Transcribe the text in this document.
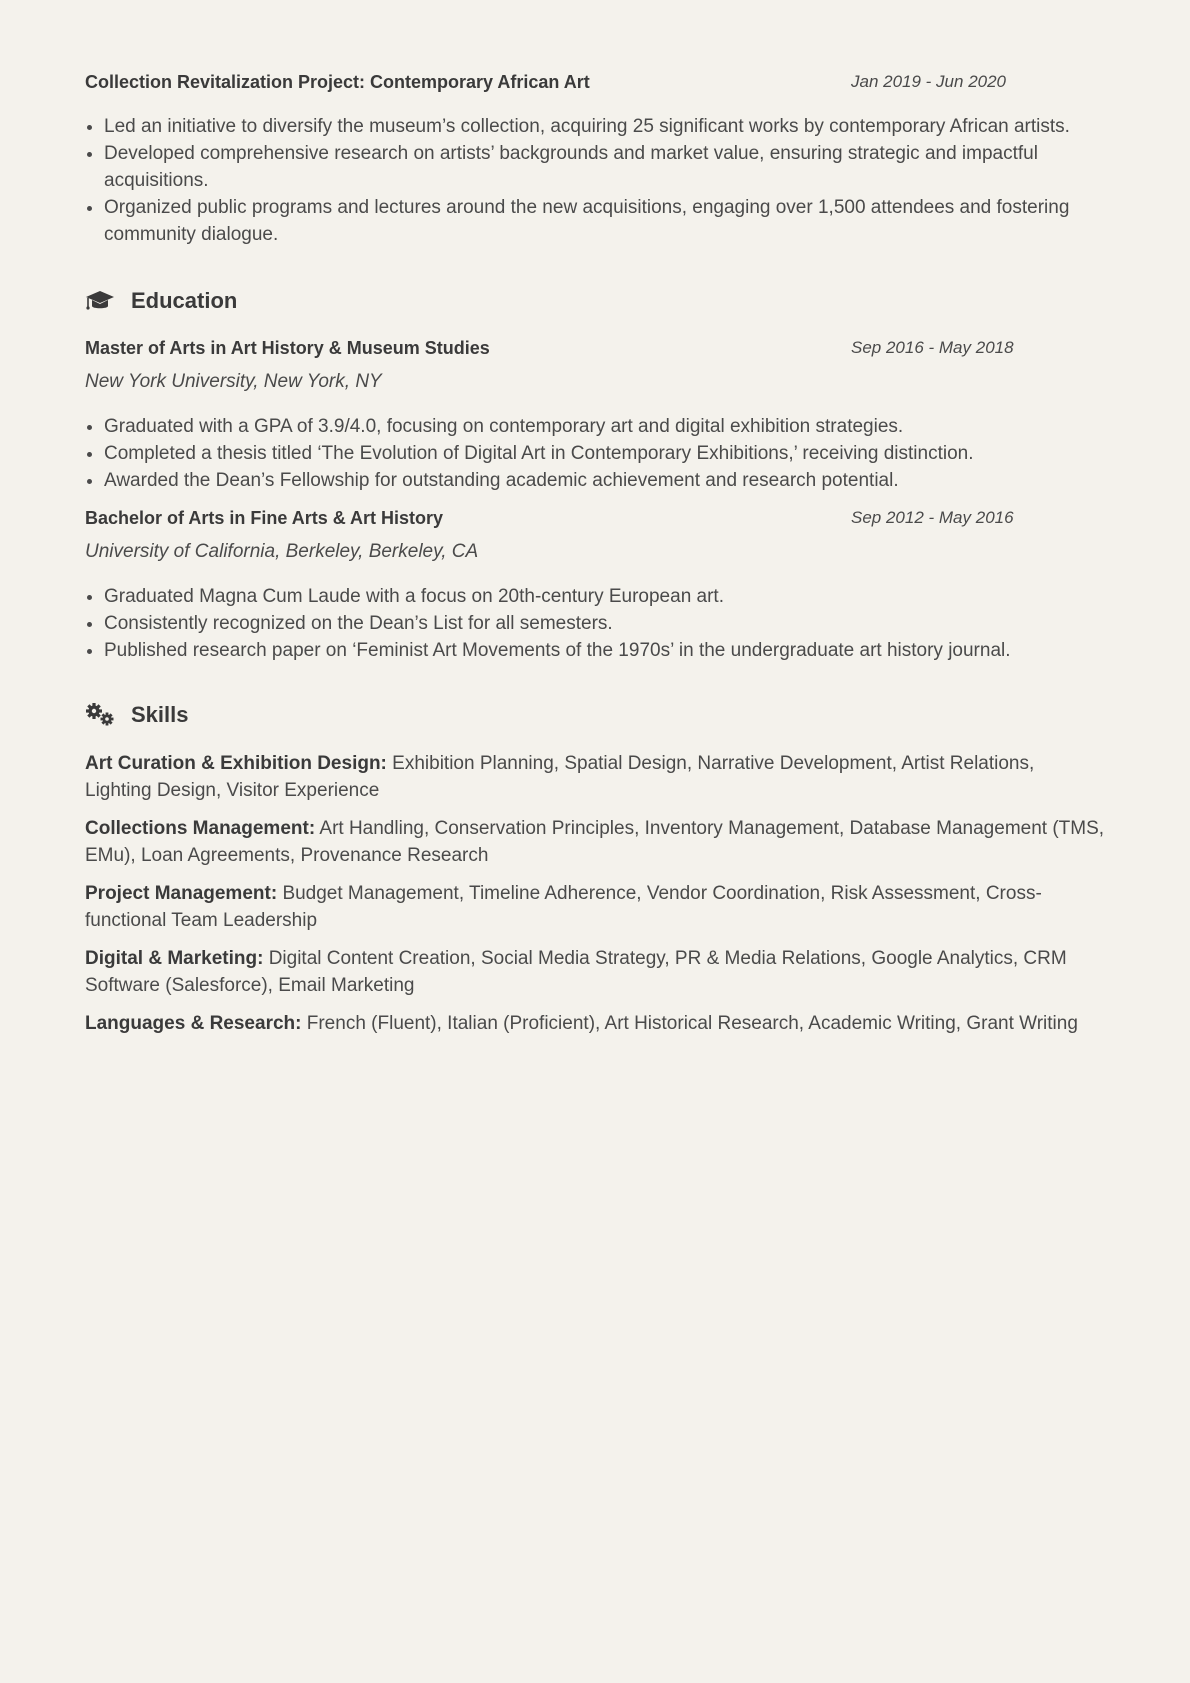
Collection Revitalization Project: Contemporary African Art	Jan 2019 - Jun 2020
Led an initiative to diversify the museum’s collection, acquiring 25 significant works by contemporary African artists.
Developed comprehensive research on artists’ backgrounds and market value, ensuring strategic and impactful acquisitions.
Organized public programs and lectures around the new acquisitions, engaging over 1,500 attendees and fostering community dialogue.
Education
Master of Arts in Art History & Museum Studies	Sep 2016 - May 2018
New York University, New York, NY
Graduated with a GPA of 3.9/4.0, focusing on contemporary art and digital exhibition strategies.
Completed a thesis titled ‘The Evolution of Digital Art in Contemporary Exhibitions,’ receiving distinction.
Awarded the Dean’s Fellowship for outstanding academic achievement and research potential.
Bachelor of Arts in Fine Arts & Art History	Sep 2012 - May 2016
University of California, Berkeley, Berkeley, CA
Graduated Magna Cum Laude with a focus on 20th-century European art.
Consistently recognized on the Dean’s List for all semesters.
Published research paper on ‘Feminist Art Movements of the 1970s’ in the undergraduate art history journal.
Skills
Art Curation & Exhibition Design: Exhibition Planning, Spatial Design, Narrative Development, Artist Relations, Lighting Design, Visitor Experience
Collections Management: Art Handling, Conservation Principles, Inventory Management, Database Management (TMS, EMu), Loan Agreements, Provenance Research
Project Management: Budget Management, Timeline Adherence, Vendor Coordination, Risk Assessment, Cross-functional Team Leadership
Digital & Marketing: Digital Content Creation, Social Media Strategy, PR & Media Relations, Google Analytics, CRM Software (Salesforce), Email Marketing
Languages & Research: French (Fluent), Italian (Proficient), Art Historical Research, Academic Writing, Grant Writing
